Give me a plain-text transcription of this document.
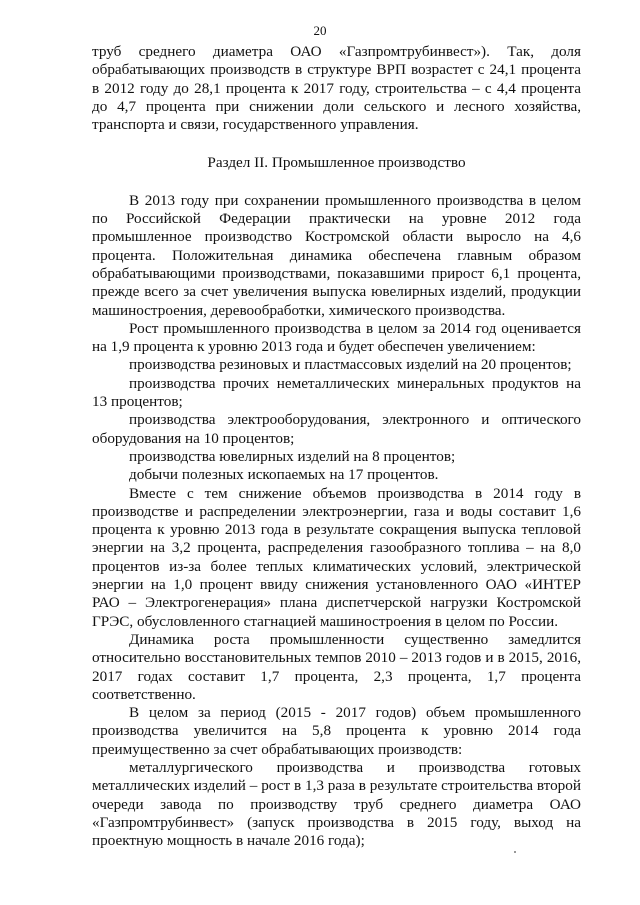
20

труб среднего диаметра ОАО «Газпромтрубинвест»). Так, доля обрабатывающих производств в структуре ВРП возрастет с 24,1 процента в 2012 году до 28,1 процента к 2017 году, строительства – с 4,4 процента до 4,7 процента при снижении доли сельского и лесного хозяйства, транспорта и связи, государственного управления.

Раздел II. Промышленное производство

В 2013 году при сохранении промышленного производства в целом по Российской Федерации практически на уровне 2012 года промышленное производство Костромской области выросло на 4,6 процента. Положительная динамика обеспечена главным образом обрабатывающими производствами, показавшими прирост 6,1 процента, прежде всего за счет увеличения выпуска ювелирных изделий, продукции машиностроения, деревообработки, химического производства.

Рост промышленного производства в целом за 2014 год оценивается на 1,9 процента к уровню 2013 года и будет обеспечен увеличением:

производства резиновых и пластмассовых изделий на 20 процентов;

производства прочих неметаллических минеральных продуктов на 13 процентов;

производства электрооборудования, электронного и оптического оборудования на 10 процентов;

производства ювелирных изделий на 8 процентов;

добычи полезных ископаемых на 17 процентов.

Вместе с тем снижение объемов производства в 2014 году в производстве и распределении электроэнергии, газа и воды составит 1,6 процента к уровню 2013 года в результате сокращения выпуска тепловой энергии на 3,2 процента, распределения газообразного топлива – на 8,0 процентов из-за более теплых климатических условий, электрической энергии на 1,0 процент ввиду снижения установленного ОАО «ИНТЕР РАО – Электрогенерация» плана диспетчерской нагрузки Костромской ГРЭС, обусловленного стагнацией машиностроения в целом по России.

Динамика роста промышленности существенно замедлится относительно восстановительных темпов 2010 – 2013 годов и в 2015, 2016, 2017 годах составит 1,7 процента, 2,3 процента, 1,7 процента соответственно.

В целом за период (2015 - 2017 годов) объем промышленного производства увеличится на 5,8 процента к уровню 2014 года преимущественно за счет обрабатывающих производств:

металлургического производства и производства готовых металлических изделий – рост в 1,3 раза в результате строительства второй очереди завода по производству труб среднего диаметра ОАО «Газпромтрубинвест» (запуск производства в 2015 году, выход на проектную мощность в начале 2016 года);
